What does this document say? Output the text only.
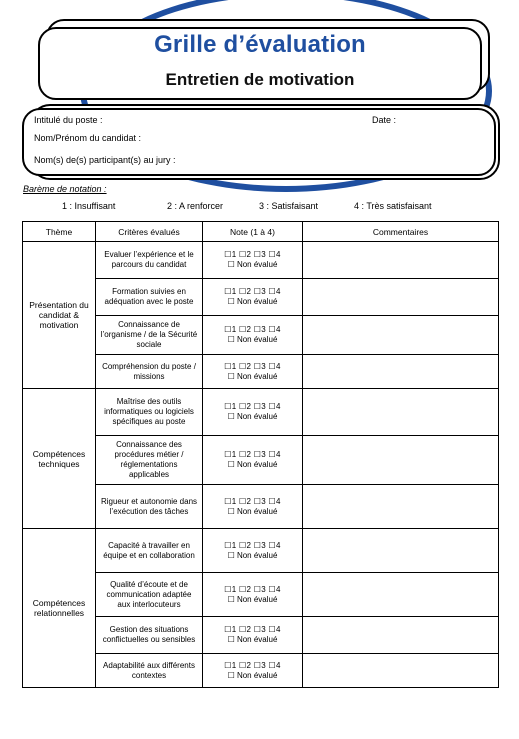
Grille d’évaluation
Entretien de motivation
Intitulé du poste :	Date :
Nom/Prénom du candidat :
Nom(s) de(s) participant(s) au jury :
Barème de notation :
1 : Insuffisant	2 : A renforcer	3 : Satisfaisant	4 : Très satisfaisant
Thème	Critères évalués	Note (1 à 4)	Commentaires
Présentation du candidat & motivation	Evaluer l’expérience et le parcours du candidat	☐1 ☐2 ☐3 ☐4
☐ Non évalué	

	Formation suivies en adéquation avec le poste	☐1 ☐2 ☐3 ☐4
☐ Non évalué	

	Connaissance de l’organisme / de la Sécurité sociale	☐1 ☐2 ☐3 ☐4
☐ Non évalué	

	Compréhension du poste / missions	☐1 ☐2 ☐3 ☐4
☐ Non évalué	

Compétences techniques	Maîtrise des outils informatiques ou logiciels spécifiques au poste	☐1 ☐2 ☐3 ☐4
☐ Non évalué	

	Connaissance des procédures métier / réglementations applicables	☐1 ☐2 ☐3 ☐4
☐ Non évalué	

	Rigueur et autonomie dans l’exécution des tâches	☐1 ☐2 ☐3 ☐4
☐ Non évalué	

Compétences relationnelles	Capacité à travailler en équipe et en collaboration	☐1 ☐2 ☐3 ☐4
☐ Non évalué	

	Qualité d’écoute et de communication adaptée aux interlocuteurs	☐1 ☐2 ☐3 ☐4
☐ Non évalué	

	Gestion des situations conflictuelles ou sensibles	☐1 ☐2 ☐3 ☐4
☐ Non évalué	

	Adaptabilité aux différents contextes	☐1 ☐2 ☐3 ☐4
☐ Non évalué	
